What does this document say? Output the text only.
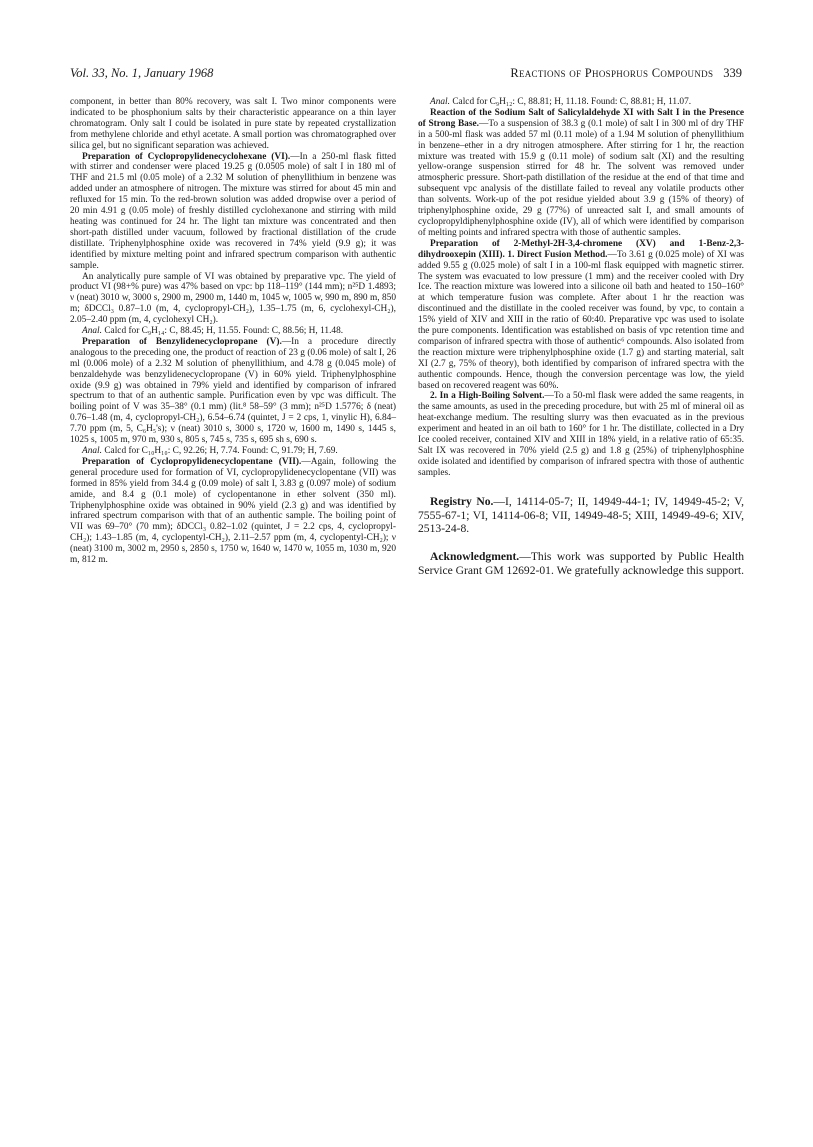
Vol. 33, No. 1, January 1968	Reactions of Phosphorus Compounds 339

component, in better than 80% recovery, was salt I. Two minor components were indicated to be phosphonium salts by their characteristic appearance on a thin layer chromatogram. Only salt I could be isolated in pure state by repeated crystallization from methylene chloride and ethyl acetate. A small portion was chromatographed over silica gel, but no significant separation was achieved.

Preparation of Cyclopropylidenecyclohexane (VI).—In a 250-ml flask fitted with stirrer and condenser were placed 19.25 g (0.0505 mole) of salt I in 180 ml of THF and 21.5 ml (0.05 mole) of a 2.32 M solution of phenyllithium in benzene was added under an atmosphere of nitrogen. The mixture was stirred for about 45 min and refluxed for 15 min. To the red-brown solution was added dropwise over a period of 20 min 4.91 g (0.05 mole) of freshly distilled cyclohexanone and stirring with mild heating was continued for 24 hr. The light tan mixture was concentrated and then short-path distilled under vacuum, followed by fractional distillation of the crude distillate. Triphenylphosphine oxide was recovered in 74% yield (9.9 g); it was identified by mixture melting point and infrared spectrum comparison with authentic sample.

An analytically pure sample of VI was obtained by preparative vpc. The yield of product VI (98+% pure) was 47% based on vpc: bp 118–119° (144 mm); n²⁵D 1.4893; ν (neat) 3010 w, 3000 s, 2900 m, 2900 m, 1440 m, 1045 w, 1005 w, 990 m, 890 m, 850 m; δDCCl₃ 0.87–1.0 (m, 4, cyclopropyl-CH₂), 1.35–1.75 (m, 6, cyclohexyl-CH₂), 2.05–2.40 ppm (m, 4, cyclohexyl CH₂).

Anal. Calcd for C₉H₁₄: C, 88.45; H, 11.55. Found: C, 88.56; H, 11.48.

Preparation of Benzylidenecyclopropane (V).—In a procedure directly analogous to the preceding one, the product of reaction of 23 g (0.06 mole) of salt I, 26 ml (0.006 mole) of a 2.32 M solution of phenyllithium, and 4.78 g (0.045 mole) of benzaldehyde was benzylidenecyclopropane (V) in 60% yield. Triphenylphosphine oxide (9.9 g) was obtained in 79% yield and identified by comparison of infrared spectrum to that of an authentic sample. Purification even by vpc was difficult. The boiling point of V was 35–38° (0.1 mm) (lit.⁸ 58–59° (3 mm); n²⁵D 1.5776; δ (neat) 0.76–1.48 (m, 4, cyclopropyl-CH₂), 6.54–6.74 (quintet, J = 2 cps, 1, vinylic H), 6.84–7.70 ppm (m, 5, C₆H₅'s); ν (neat) 3010 s, 3000 s, 1720 w, 1600 m, 1490 s, 1445 s, 1025 s, 1005 m, 970 m, 930 s, 805 s, 745 s, 735 s, 695 sh s, 690 s.

Anal. Calcd for C₁₀H₁₀: C, 92.26; H, 7.74. Found: C, 91.79; H, 7.69.

Preparation of Cyclopropylidenecyclopentane (VII).—Again, following the general procedure used for formation of VI, cyclopropylidenecyclopentane (VII) was formed in 85% yield from 34.4 g (0.09 mole) of salt I, 3.83 g (0.097 mole) of sodium amide, and 8.4 g (0.1 mole) of cyclopentanone in ether solvent (350 ml). Triphenylphosphine oxide was obtained in 90% yield (2.3 g) and was identified by infrared spectrum comparison with that of an authentic sample. The boiling point of VII was 69–70° (70 mm); δDCCl₃ 0.82–1.02 (quintet, J = 2.2 cps, 4, cyclopropyl-CH₂); 1.43–1.85 (m, 4, cyclopentyl-CH₂), 2.11–2.57 ppm (m, 4, cyclopentyl-CH₂); ν (neat) 3100 m, 3002 m, 2950 s, 2850 s, 1750 w, 1640 w, 1470 w, 1055 m, 1030 m, 920 m, 812 m.

Anal. Calcd for C₉H₁₂: C, 88.81; H, 11.18. Found: C, 88.81; H, 11.07.

Reaction of the Sodium Salt of Salicylaldehyde XI with Salt I in the Presence of Strong Base.—To a suspension of 38.3 g (0.1 mole) of salt I in 300 ml of dry THF in a 500-ml flask was added 57 ml (0.11 mole) of a 1.94 M solution of phenyllithium in benzene–ether in a dry nitrogen atmosphere. After stirring for 1 hr, the reaction mixture was treated with 15.9 g (0.11 mole) of sodium salt (XI) and the resulting yellow-orange suspension stirred for 48 hr. The solvent was removed under atmospheric pressure. Short-path distillation of the residue at the end of that time and subsequent vpc analysis of the distillate failed to reveal any volatile products other than solvents. Work-up of the pot residue yielded about 3.9 g (15% of theory) of triphenylphosphine oxide, 29 g (77%) of unreacted salt I, and small amounts of cyclopropyldiphenylphosphine oxide (IV), all of which were identified by comparison of melting points and infrared spectra with those of authentic samples.

Preparation of 2-Methyl-2H-3,4-chromene (XV) and 1-Benz-2,3-dihydrooxepin (XIII). 1. Direct Fusion Method.—To 3.61 g (0.025 mole) of XI was added 9.55 g (0.025 mole) of salt I in a 100-ml flask equipped with magnetic stirrer. The system was evacuated to low pressure (1 mm) and the receiver cooled with Dry Ice. The reaction mixture was lowered into a silicone oil bath and heated to 150–160° at which temperature fusion was complete. After about 1 hr the reaction was discontinued and the distillate in the cooled receiver was found, by vpc, to contain a 15% yield of XIV and XIII in the ratio of 60:40. Preparative vpc was used to isolate the pure components. Identification was established on basis of vpc retention time and comparison of infrared spectra with those of authentic⁶ compounds. Also isolated from the reaction mixture were triphenylphosphine oxide (1.7 g) and starting material, salt XI (2.7 g, 75% of theory), both identified by comparison of infrared spectra with the authentic compounds. Hence, though the conversion percentage was low, the yield based on recovered reagent was 60%.

2. In a High-Boiling Solvent.—To a 50-ml flask were added the same reagents, in the same amounts, as used in the preceding procedure, but with 25 ml of mineral oil as heat-exchange medium. The resulting slurry was then evacuated as in the previous experiment and heated in an oil bath to 160° for 1 hr. The distillate, collected in a Dry Ice cooled receiver, contained XIV and XIII in 18% yield, in a relative ratio of 65:35. Salt IX was recovered in 70% yield (2.5 g) and 1.8 g (25%) of triphenylphosphine oxide isolated and identified by comparison of infrared spectra with those of authentic samples.

Registry No.—I, 14114-05-7; II, 14949-44-1; IV, 14949-45-2; V, 7555-67-1; VI, 14114-06-8; VII, 14949-48-5; XIII, 14949-49-6; XIV, 2513-24-8.

Acknowledgment.—This work was supported by Public Health Service Grant GM 12692-01. We gratefully acknowledge this support.
